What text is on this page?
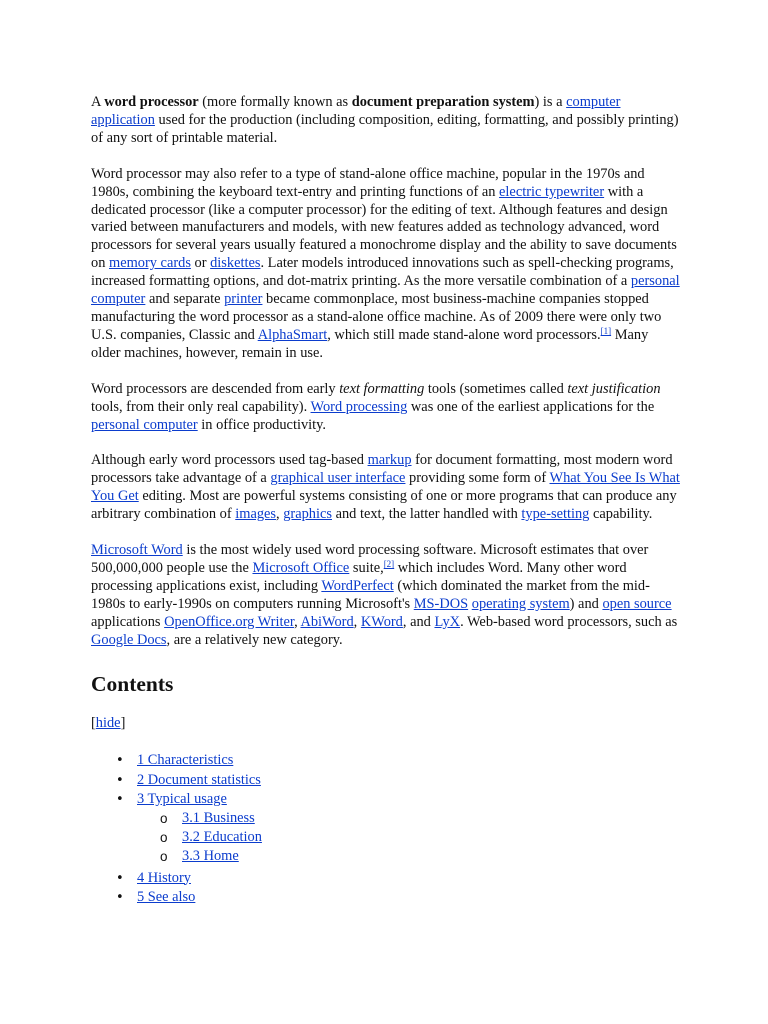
A word processor (more formally known as document preparation system) is a computer application used for the production (including composition, editing, formatting, and possibly printing) of any sort of printable material.

Word processor may also refer to a type of stand-alone office machine, popular in the 1970s and 1980s, combining the keyboard text-entry and printing functions of an electric typewriter with a dedicated processor (like a computer processor) for the editing of text. Although features and design varied between manufacturers and models, with new features added as technology advanced, word processors for several years usually featured a monochrome display and the ability to save documents on memory cards or diskettes. Later models introduced innovations such as spell-checking programs, increased formatting options, and dot-matrix printing. As the more versatile combination of a personal computer and separate printer became commonplace, most business-machine companies stopped manufacturing the word processor as a stand-alone office machine. As of 2009 there were only two U.S. companies, Classic and AlphaSmart, which still made stand-alone word processors.[1] Many older machines, however, remain in use.

Word processors are descended from early text formatting tools (sometimes called text justification tools, from their only real capability). Word processing was one of the earliest applications for the personal computer in office productivity.

Although early word processors used tag-based markup for document formatting, most modern word processors take advantage of a graphical user interface providing some form of What You See Is What You Get editing. Most are powerful systems consisting of one or more programs that can produce any arbitrary combination of images, graphics and text, the latter handled with type-setting capability.

Microsoft Word is the most widely used word processing software. Microsoft estimates that over 500,000,000 people use the Microsoft Office suite,[2] which includes Word. Many other word processing applications exist, including WordPerfect (which dominated the market from the mid-1980s to early-1990s on computers running Microsoft's MS-DOS operating system) and open source applications OpenOffice.org Writer, AbiWord, KWord, and LyX. Web-based word processors, such as Google Docs, are a relatively new category.

Contents
[hide]
• 1 Characteristics
• 2 Document statistics
• 3 Typical usage
o 3.1 Business
o 3.2 Education
o 3.3 Home
• 4 History
• 5 See also
